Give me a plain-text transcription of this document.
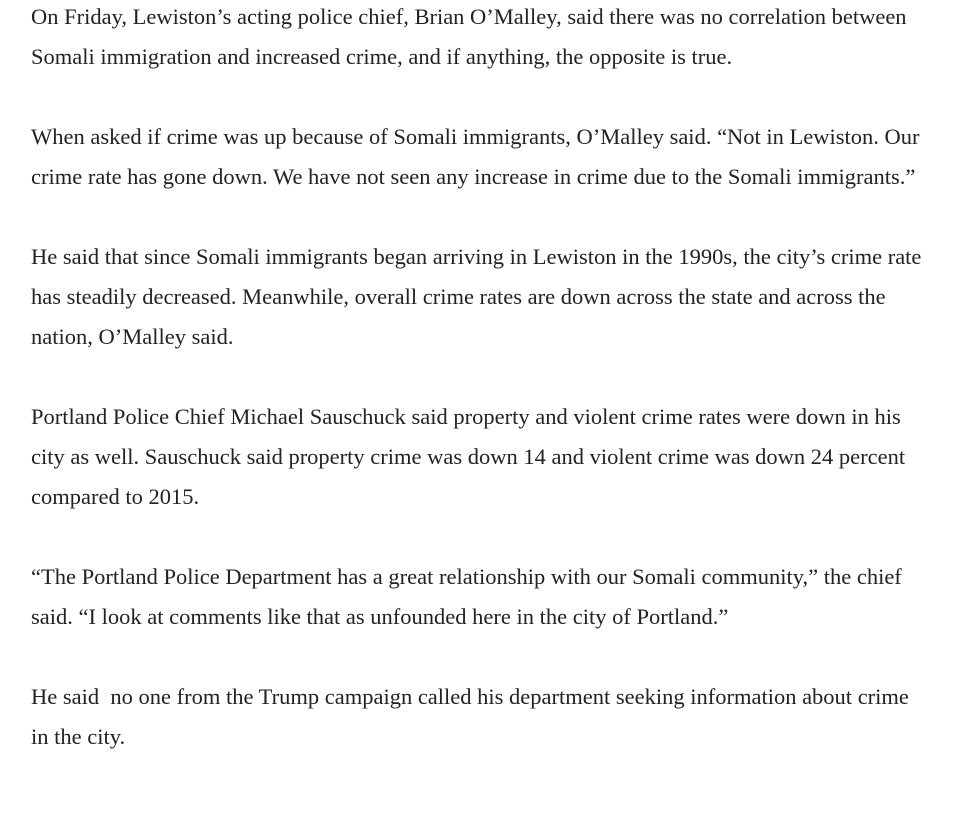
On Friday, Lewiston’s acting police chief, Brian O’Malley, said there was no correlation between Somali immigration and increased crime, and if anything, the opposite is true.

When asked if crime was up because of Somali immigrants, O’Malley said. “Not in Lewiston. Our crime rate has gone down. We have not seen any increase in crime due to the Somali immigrants.”

He said that since Somali immigrants began arriving in Lewiston in the 1990s, the city’s crime rate has steadily decreased. Meanwhile, overall crime rates are down across the state and across the nation, O’Malley said.

Portland Police Chief Michael Sauschuck said property and violent crime rates were down in his city as well. Sauschuck said property crime was down 14 and violent crime was down 24 percent compared to 2015.

“The Portland Police Department has a great relationship with our Somali community,” the chief said. “I look at comments like that as unfounded here in the city of Portland.”

He said  no one from the Trump campaign called his department seeking information about crime in the city.
